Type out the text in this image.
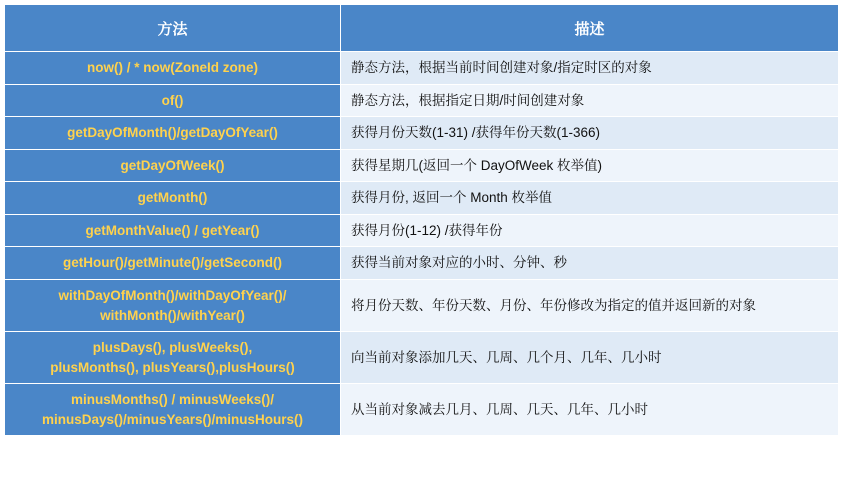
方法	描述
now() / * now(ZoneId zone)	静态方法，根据当前时间创建对象/指定时区的对象
of()	静态方法，根据指定日期/时间创建对象
getDayOfMonth()/getDayOfYear()	获得月份天数(1-31) /获得年份天数(1-366)
getDayOfWeek()	获得星期几(返回一个 DayOfWeek 枚举值)
getMonth()	获得月份, 返回一个 Month 枚举值
getMonthValue() / getYear()	获得月份(1-12) /获得年份
getHour()/getMinute()/getSecond()	获得当前对象对应的小时、分钟、秒

withDayOfMonth()/withDayOfYear()/
withMonth()/withYear()	将月份天数、年份天数、月份、年份修改为指定的值并返回新的对象

plusDays(), plusWeeks(),
plusMonths(), plusYears(),plusHours()	向当前对象添加几天、几周、几个月、几年、几小时

minusMonths() / minusWeeks()/
minusDays()/minusYears()/minusHours()	从当前对象减去几月、几周、几天、几年、几小时
